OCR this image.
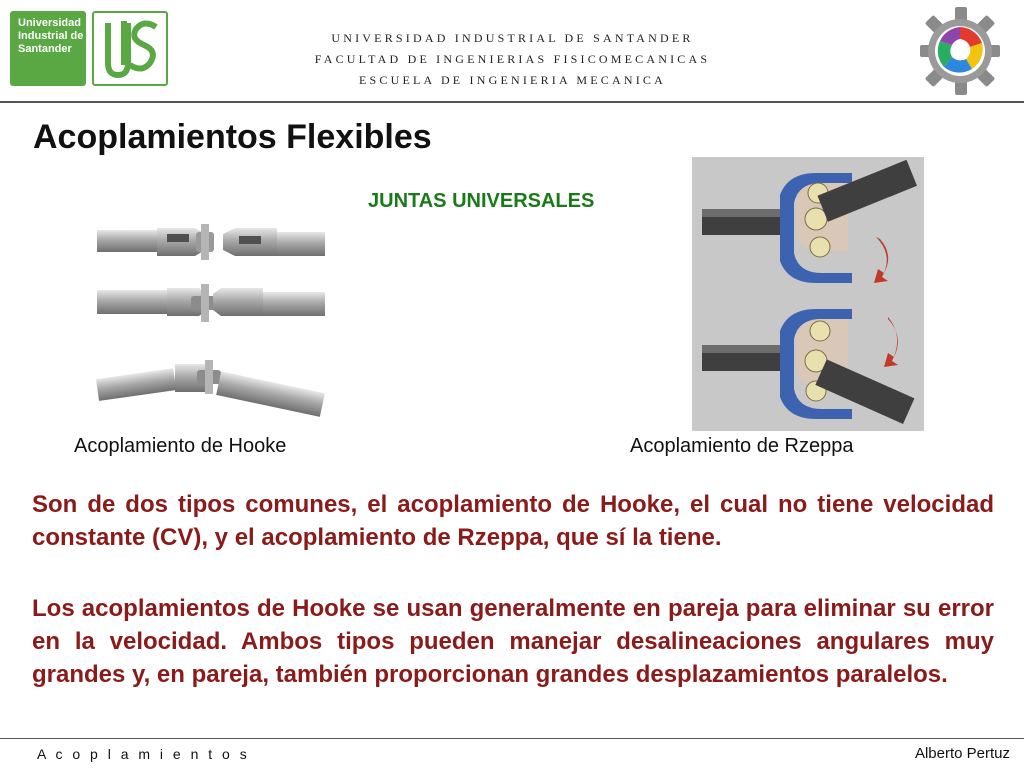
Universidad
Industrial de
Santander
UNIVERSIDAD INDUSTRIAL DE SANTANDER
FACULTAD DE INGENIERIAS FISICOMECANICAS
ESCUELA DE INGENIERIA MECANICA
Acoplamientos Flexibles
JUNTAS UNIVERSALES
Acoplamiento de Hooke	Acoplamiento de Rzeppa

Son de dos tipos comunes, el acoplamiento de Hooke, el cual no tiene velocidad constante (CV), y el acoplamiento de Rzeppa, que sí la tiene.

Los acoplamientos de Hooke se usan generalmente en pareja para eliminar su error en la velocidad. Ambos tipos pueden manejar desalineaciones angulares muy grandes y, en pareja, también proporcionan grandes desplazamientos paralelos.

A c o p l a m i e n t o s	Alberto Pertuz
